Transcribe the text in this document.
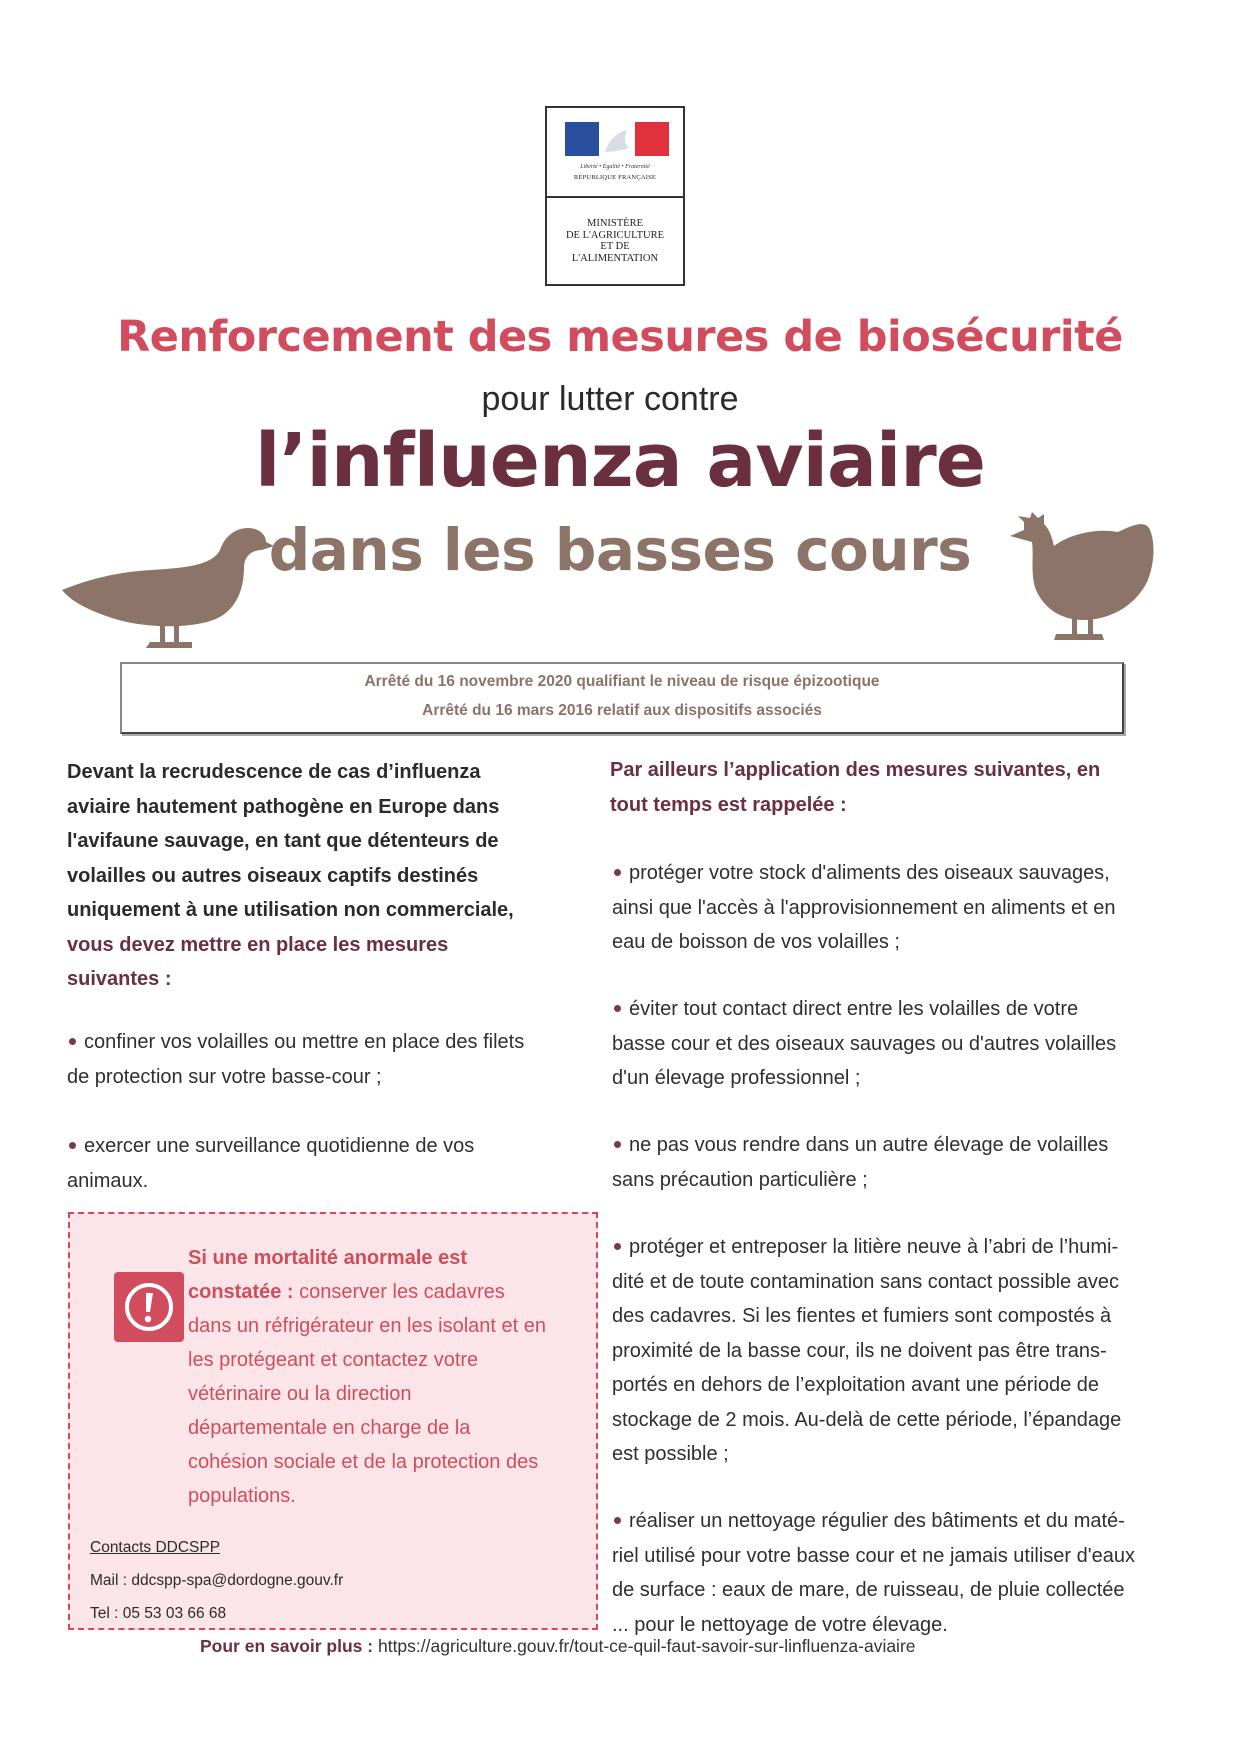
Liberté • Égalité • Fraternité
RÉPUBLIQUE FRANÇAISE
MINISTÈRE
DE L'AGRICULTURE
ET DE
L'ALIMENTATION
Renforcement des mesures de biosécurité
pour lutter contre
l’influenza aviaire
dans les basses cours
Arrêté du 16 novembre 2020 qualifiant le niveau de risque épizootique
Arrêté du 16 mars 2016 relatif aux dispositifs associés
Devant la recrudescence de cas d’influenza
aviaire hautement pathogène en Europe dans
l'avifaune sauvage, en tant que détenteurs de
volailles ou autres oiseaux captifs destinés
uniquement à une utilisation non commerciale,
vous devez mettre en place les mesures
suivantes :
confiner vos volailles ou mettre en place des filets
de protection sur votre basse-cour ;
exercer une surveillance quotidienne de vos
animaux.
Si une mortalité anormale est
constatée : conserver les cadavres
dans un réfrigérateur en les isolant et en
les protégeant et contactez votre
vétérinaire ou la direction
départementale en charge de la
cohésion sociale et de la protection des
populations.
Contacts DDCSPP
Mail : ddcspp-spa@dordogne.gouv.fr
Tel : 05 53 03 66 68
Par ailleurs l’application des mesures suivantes, en
tout temps est rappelée :
protéger votre stock d'aliments des oiseaux sauvages,
ainsi que l'accès à l'approvisionnement en aliments et en
eau de boisson de vos volailles ;
éviter tout contact direct entre les volailles de votre
basse cour et des oiseaux sauvages ou d'autres volailles
d'un élevage professionnel ;
ne pas vous rendre dans un autre élevage de volailles
sans précaution particulière ;
protéger et entreposer la litière neuve à l’abri de l’humi-
dité et de toute contamination sans contact possible avec
des cadavres. Si les fientes et fumiers sont compostés à
proximité de la basse cour, ils ne doivent pas être trans-
portés en dehors de l’exploitation avant une période de
stockage de 2 mois. Au-delà de cette période, l’épandage
est possible ;
réaliser un nettoyage régulier des bâtiments et du maté-
riel utilisé pour votre basse cour et ne jamais utiliser d'eaux
de surface : eaux de mare, de ruisseau, de pluie collectée
... pour le nettoyage de votre élevage.
Pour en savoir plus : https://agriculture.gouv.fr/tout-ce-quil-faut-savoir-sur-linfluenza-aviaire
